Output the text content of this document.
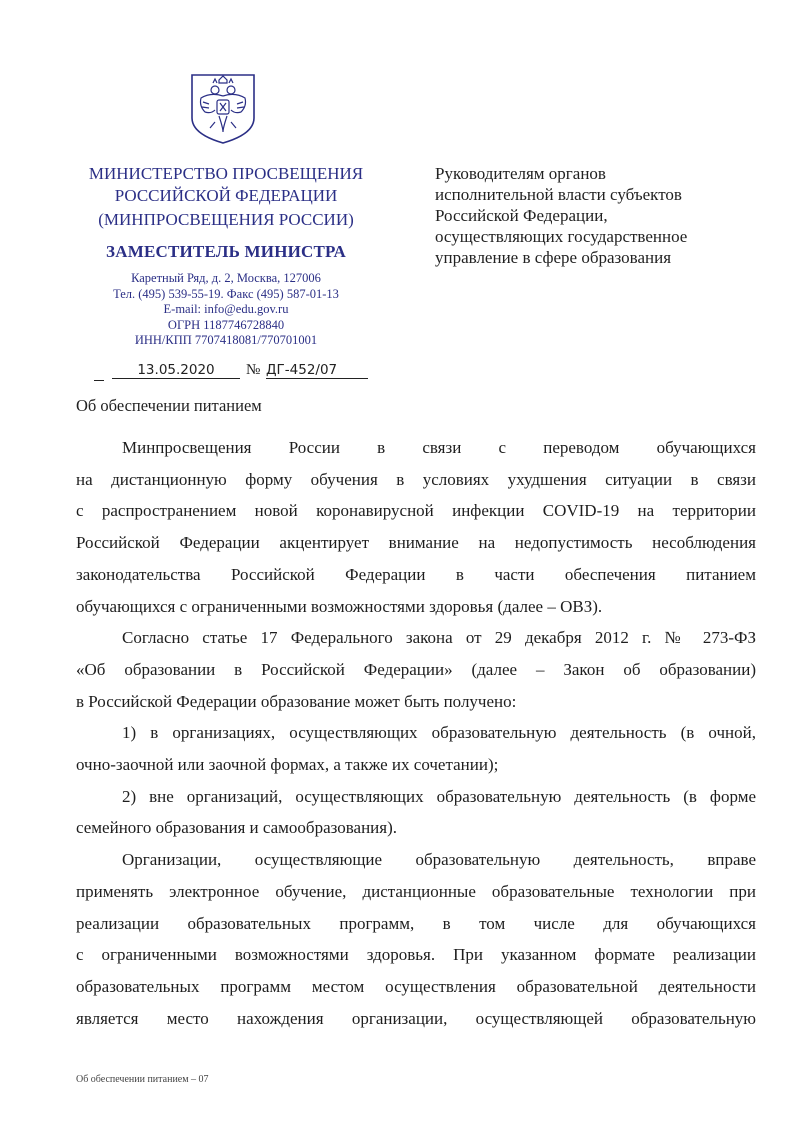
МИНИСТЕРСТВО ПРОСВЕЩЕНИЯ
РОССИЙСКОЙ ФЕДЕРАЦИИ
(МИНПРОСВЕЩЕНИЯ РОССИИ)
ЗАМЕСТИТЕЛЬ МИНИСТРА
Каретный Ряд, д. 2, Москва, 127006
Тел. (495) 539-55-19. Факс (495) 587-01-13
E-mail: info@edu.gov.ru
ОГРН 1187746728840
ИНН/КПП 7707418081/770701001
Руководителям органов
исполнительной власти субъектов
Российской Федерации,
осуществляющих государственное
управление в сфере образования
13.05.2020	№ ДГ-452/07
Об обеспечении питанием

Минпросвещения России в связи с переводом обучающихся

на дистанционную форму обучения в условиях ухудшения ситуации в связи

с распространением новой коронавирусной инфекции COVID-19 на территории

Российской Федерации акцентирует внимание на недопустимость несоблюдения

законодательства Российской Федерации в части обеспечения питанием

обучающихся с ограниченными возможностями здоровья (далее – ОВЗ).

Согласно статье 17 Федерального закона от 29 декабря 2012 г. № 273-ФЗ

«Об образовании в Российской Федерации» (далее – Закон об образовании)

в Российской Федерации образование может быть получено:

1) в организациях, осуществляющих образовательную деятельность (в очной,

очно-заочной или заочной формах, а также их сочетании);

2) вне организаций, осуществляющих образовательную деятельность (в форме

семейного образования и самообразования).

Организации, осуществляющие образовательную деятельность, вправе

применять электронное обучение, дистанционные образовательные технологии при

реализации образовательных программ, в том числе для обучающихся

с ограниченными возможностями здоровья. При указанном формате реализации

образовательных программ местом осуществления образовательной деятельности

является место нахождения организации, осуществляющей образовательную

Об обеспечении питанием – 07
